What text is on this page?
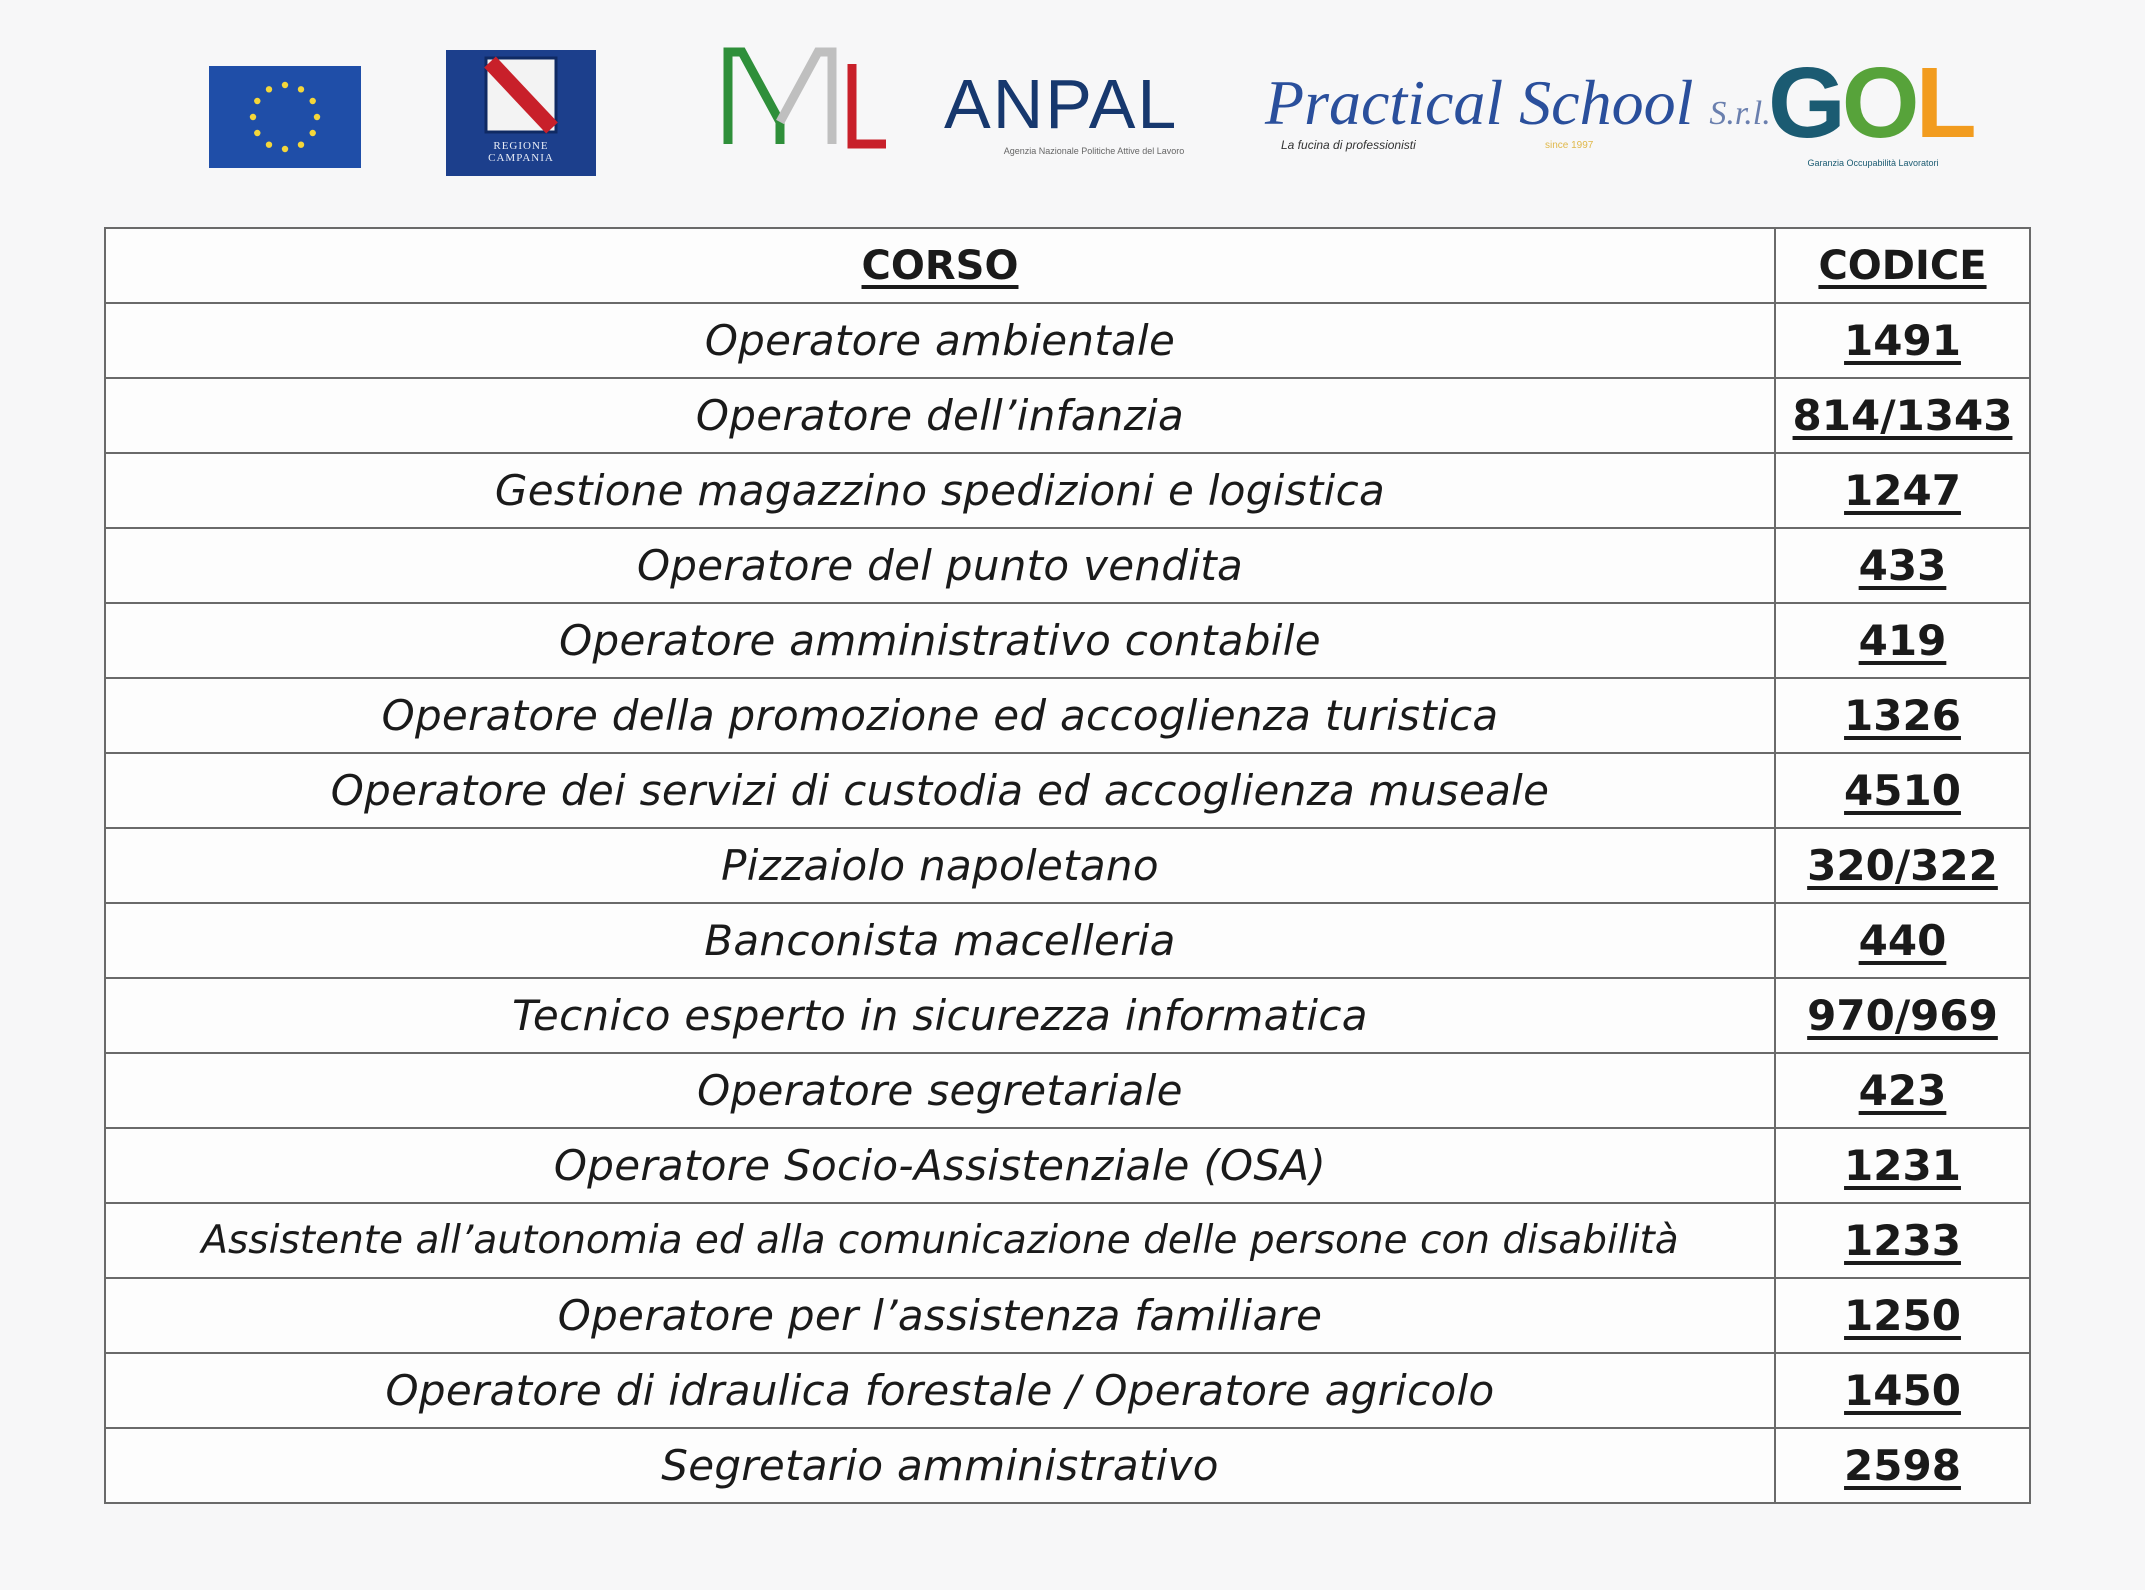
REGIONE
CAMPANIA
ANPAL
Agenzia Nazionale Politiche Attive del Lavoro
Practical School S.r.l.
La fucina di professionisti	since 1997 GOL
Garanzia Occupabilità Lavoratori
CORSO	CODICE
Operatore ambientale	1491
Operatore dell’infanzia	814/1343
Gestione magazzino spedizioni e logistica	1247
Operatore del punto vendita	433
Operatore amministrativo contabile	419
Operatore della promozione ed accoglienza turistica	1326
Operatore dei servizi di custodia ed accoglienza museale	4510
Pizzaiolo napoletano	320/322
Banconista macelleria	440
Tecnico esperto in sicurezza informatica	970/969
Operatore segretariale	423
Operatore Socio-Assistenziale (OSA)	1231
Assistente all’autonomia ed alla comunicazione delle persone con disabilità	1233
Operatore per l’assistenza familiare	1250
Operatore di idraulica forestale / Operatore agricolo	1450
Segretario amministrativo	2598
